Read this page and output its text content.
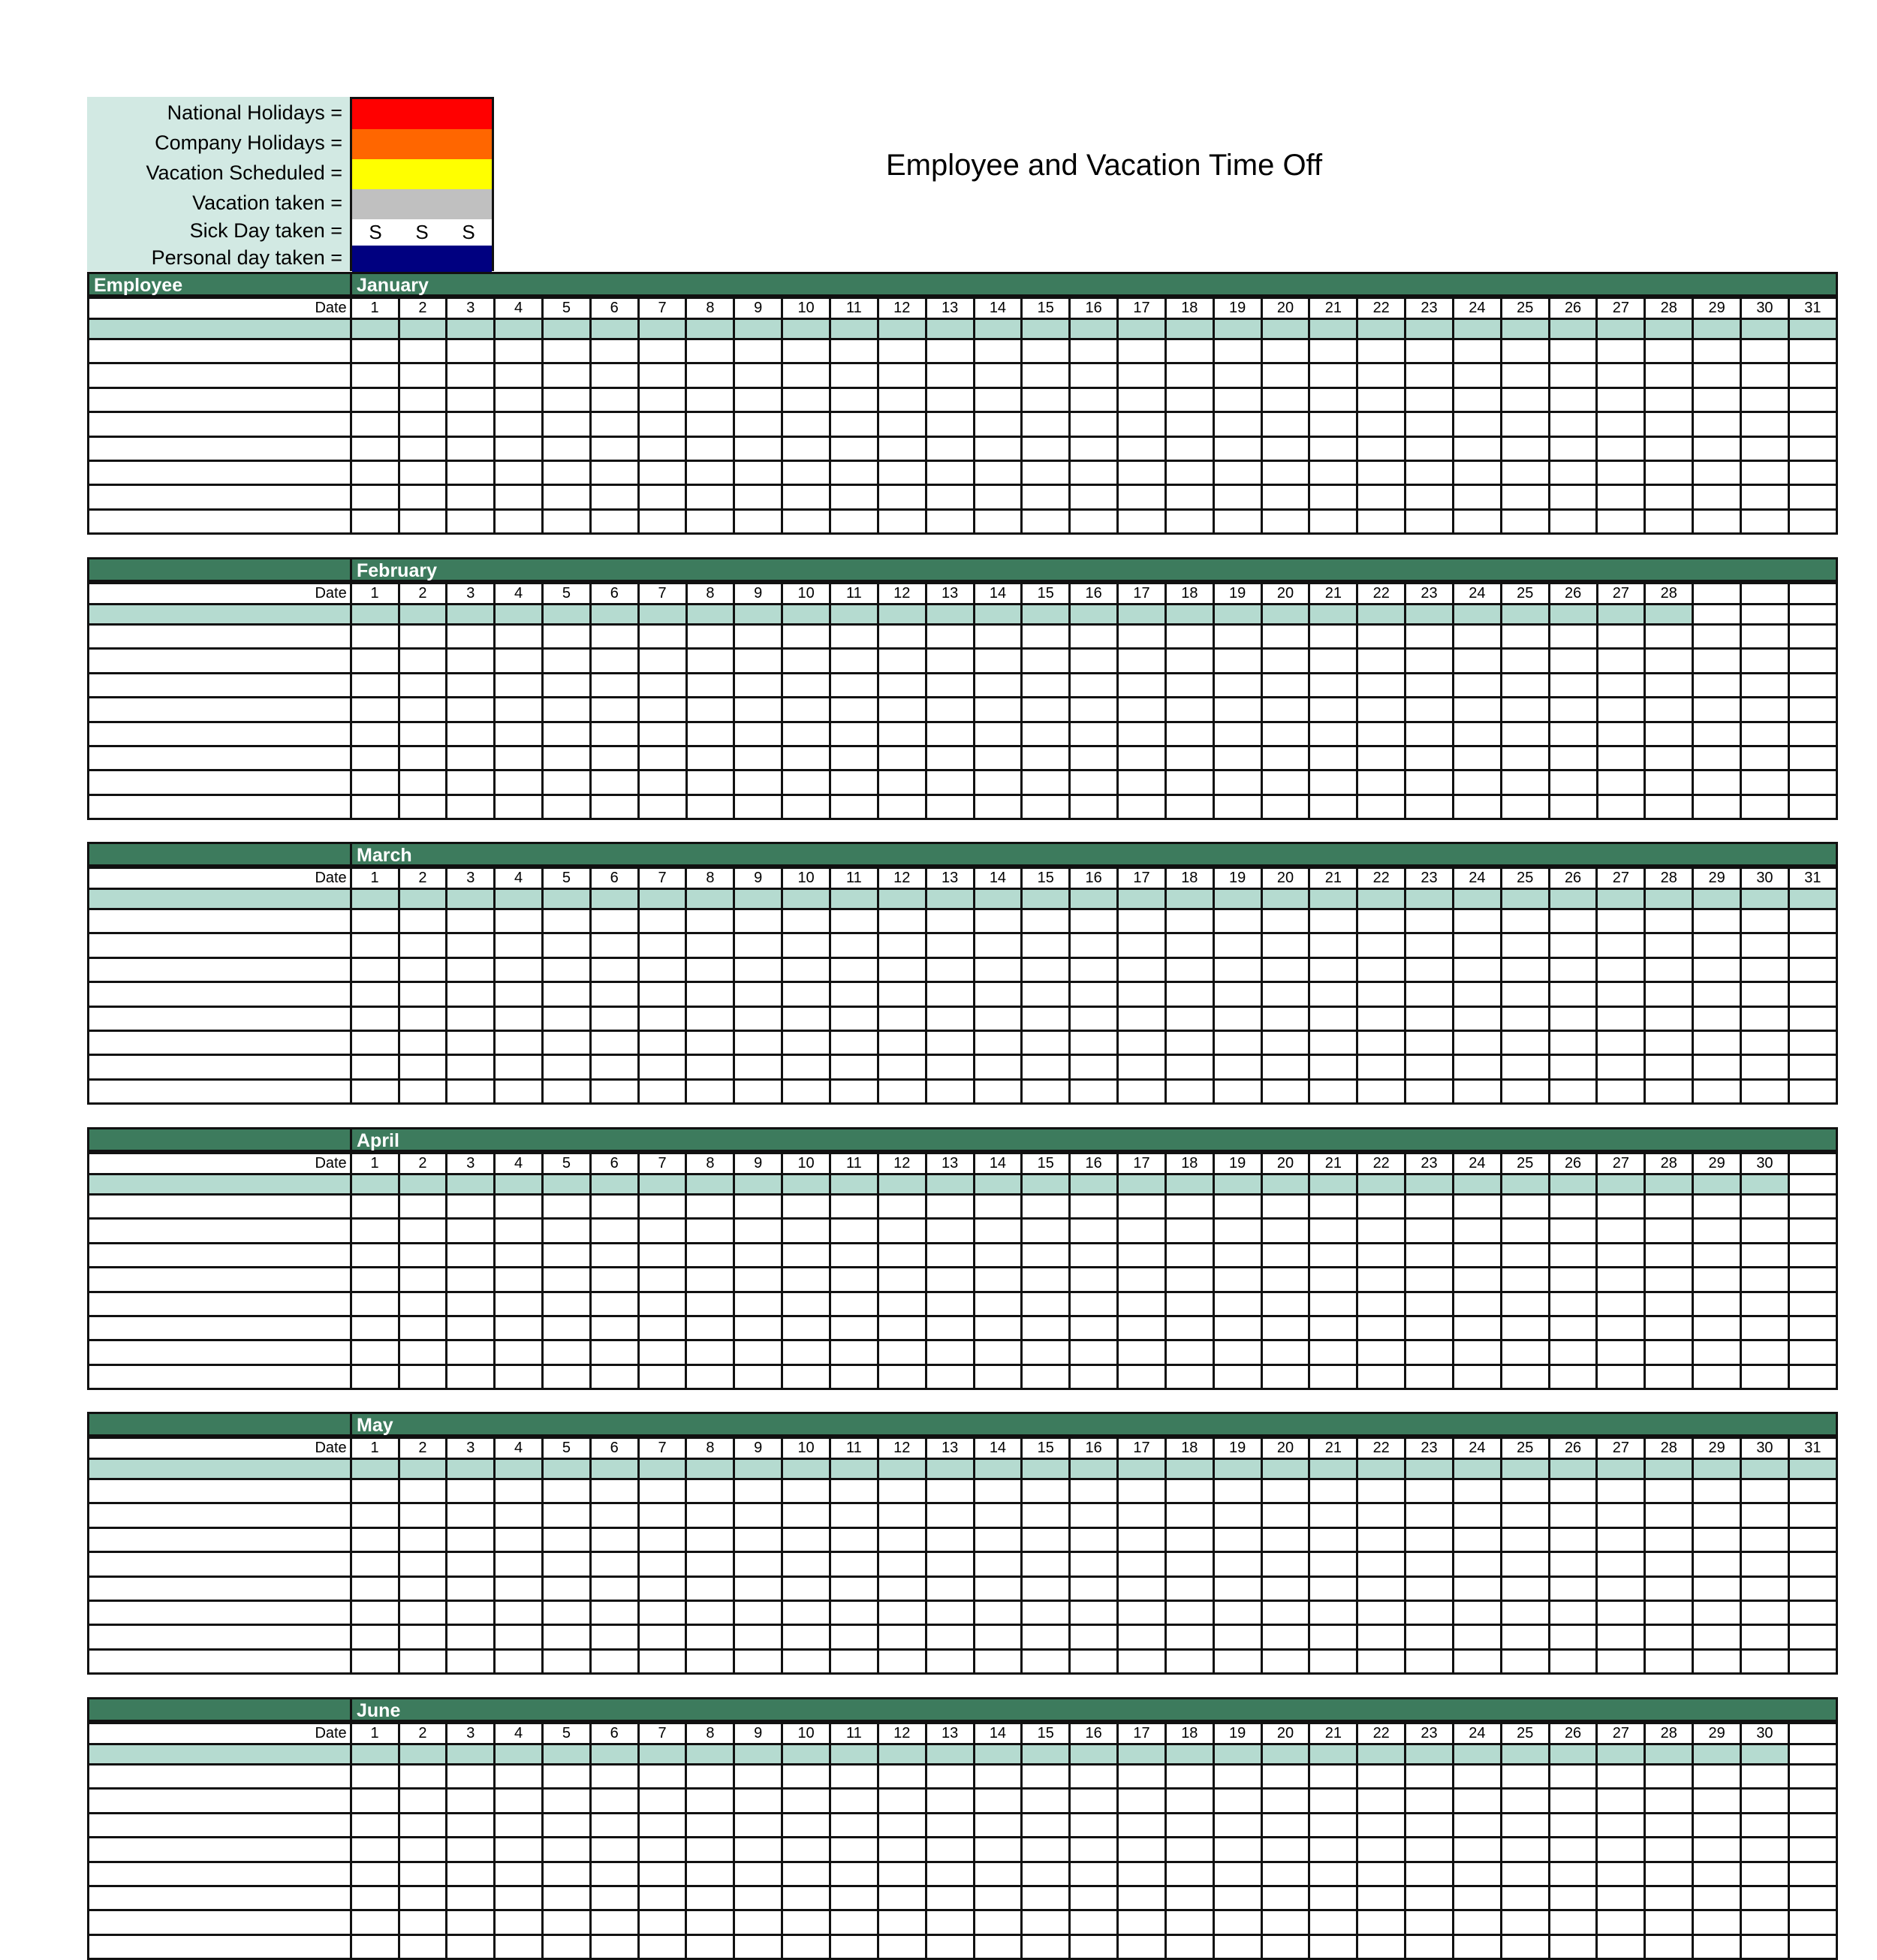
National Holidays =
Company Holidays =
Vacation Scheduled =
Vacation taken =
Sick Day taken =
Personal day taken =
S S S
Employee and Vacation Time Off
Employee	January
Date	1	2	3	4	5	6	7	8	9	10	11	12	13	14	15	16	17	18	19	20	21	22	23	24	25	26	27	28	29	30	31

February
Date	1	2	3	4	5	6	7	8	9	10	11	12	13	14	15	16	17	18	19	20	21	22	23	24	25	26	27	28			

March
Date	1	2	3	4	5	6	7	8	9	10	11	12	13	14	15	16	17	18	19	20	21	22	23	24	25	26	27	28	29	30	31

April
Date	1	2	3	4	5	6	7	8	9	10	11	12	13	14	15	16	17	18	19	20	21	22	23	24	25	26	27	28	29	30	

May
Date	1	2	3	4	5	6	7	8	9	10	11	12	13	14	15	16	17	18	19	20	21	22	23	24	25	26	27	28	29	30	31

June
Date	1	2	3	4	5	6	7	8	9	10	11	12	13	14	15	16	17	18	19	20	21	22	23	24	25	26	27	28	29	30	
